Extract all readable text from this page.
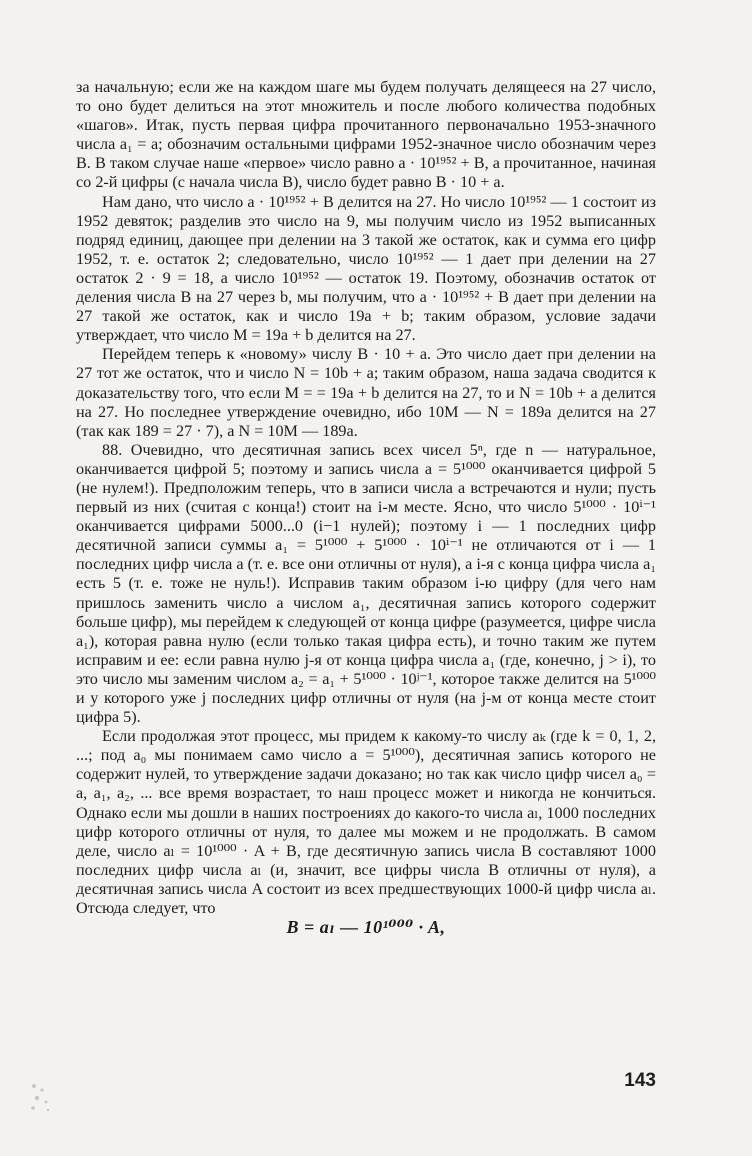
за начальную; если же на каждом шаге мы будем получать делящееся на 27 число, то оно будет делиться на этот множитель и после любого количества подобных «шагов». Итак, пусть первая цифра прочитанного первоначально 1953-значного числа a₁ = a; обозначим остальными цифрами 1952-значное число обозначим через B. В таком случае наше «первое» число равно a · 10¹⁹⁵² + B, а прочитанное, начиная со 2-й цифры (с начала числа B), число будет равно B · 10 + a.

Нам дано, что число a · 10¹⁹⁵² + B делится на 27. Но число 10¹⁹⁵² — 1 состоит из 1952 девяток; разделив это число на 9, мы получим число из 1952 выписанных подряд единиц, дающее при делении на 3 такой же остаток, как и сумма его цифр 1952, т. е. остаток 2; следовательно, число 10¹⁹⁵² — 1 дает при делении на 27 остаток 2 · 9 = 18, а число 10¹⁹⁵² — остаток 19. Поэтому, обозначив остаток от деления числа B на 27 через b, мы получим, что a · 10¹⁹⁵² + B дает при делении на 27 такой же остаток, как и число 19a + b; таким образом, условие задачи утверждает, что число M = 19a + b делится на 27.

Перейдем теперь к «новому» числу B · 10 + a. Это число дает при делении на 27 тот же остаток, что и число N = 10b + a; таким образом, наша задача сводится к доказательству того, что если M = = 19a + b делится на 27, то и N = 10b + a делится на 27. Но последнее утверждение очевидно, ибо 10M — N = 189a делится на 27 (так как 189 = 27 · 7), а N = 10M — 189a.

88. Очевидно, что десятичная запись всех чисел 5ⁿ, где n — натуральное, оканчивается цифрой 5; поэтому и запись числа a = 5¹⁰⁰⁰ оканчивается цифрой 5 (не нулем!). Предположим теперь, что в записи числа a встречаются и нули; пусть первый из них (считая с конца!) стоит на i-м месте. Ясно, что число 5¹⁰⁰⁰ · 10ⁱ⁻¹ оканчивается цифрами 5000...0 (i−1 нулей); поэтому i — 1 последних цифр десятичной записи суммы a₁ = 5¹⁰⁰⁰ + 5¹⁰⁰⁰ · 10ⁱ⁻¹ не отличаются от i — 1 последних цифр числа a (т. е. все они отличны от нуля), а i-я с конца цифра числа a₁ есть 5 (т. е. тоже не нуль!). Исправив таким образом i-ю цифру (для чего нам пришлось заменить число a числом a₁, десятичная запись которого содержит больше цифр), мы перейдем к следующей от конца цифре (разумеется, цифре числа a₁), которая равна нулю (если только такая цифра есть), и точно таким же путем исправим и ее: если равна нулю j-я от конца цифра числа a₁ (где, конечно, j > i), то это число мы заменим числом a₂ = a₁ + 5¹⁰⁰⁰ · 10ʲ⁻¹, которое также делится на 5¹⁰⁰⁰ и у которого уже j последних цифр отличны от нуля (на j-м от конца месте стоит цифра 5).

Если продолжая этот процесс, мы придем к какому-то числу aₖ (где k = 0, 1, 2, ...; под a₀ мы понимаем само число a = 5¹⁰⁰⁰), десятичная запись которого не содержит нулей, то утверждение задачи доказано; но так как число цифр чисел a₀ = a, a₁, a₂, ... все время возрастает, то наш процесс может и никогда не кончиться. Однако если мы дошли в наших построениях до какого-то числа aₗ, 1000 последних цифр которого отличны от нуля, то далее мы можем и не продолжать. В самом деле, число aₗ = 10¹⁰⁰⁰ · A + B, где десятичную запись числа B составляют 1000 последних цифр числа aₗ (и, значит, все цифры числа B отличны от нуля), а десятичная запись числа A состоит из всех предшествующих 1000-й цифр числа aₗ. Отсюда следует, что

B = aₗ — 10¹⁰⁰⁰ · A,

143
